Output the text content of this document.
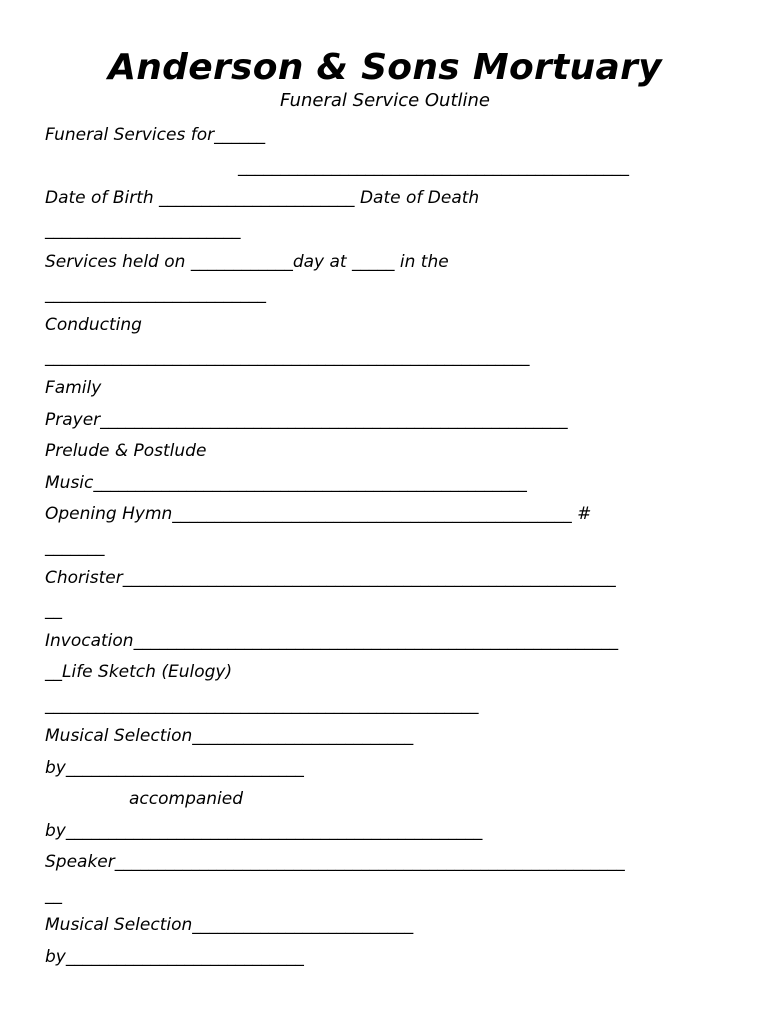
Anderson & Sons Mortuary
Funeral Service Outline
Funeral Services for______
______________________________________________
Date of Birth _______________________ Date of Death
_______________________
Services held on ____________day at _____ in the
__________________________
Conducting
_________________________________________________________
Family
Prayer_______________________________________________________
Prelude & Postlude
Music___________________________________________________
Opening Hymn_______________________________________________ #
_______
Chorister__________________________________________________________
__
Invocation_________________________________________________________
__Life Sketch (Eulogy)
___________________________________________________
Musical Selection__________________________
by____________________________
accompanied
by_________________________________________________
Speaker____________________________________________________________
__
Musical Selection__________________________
by____________________________
